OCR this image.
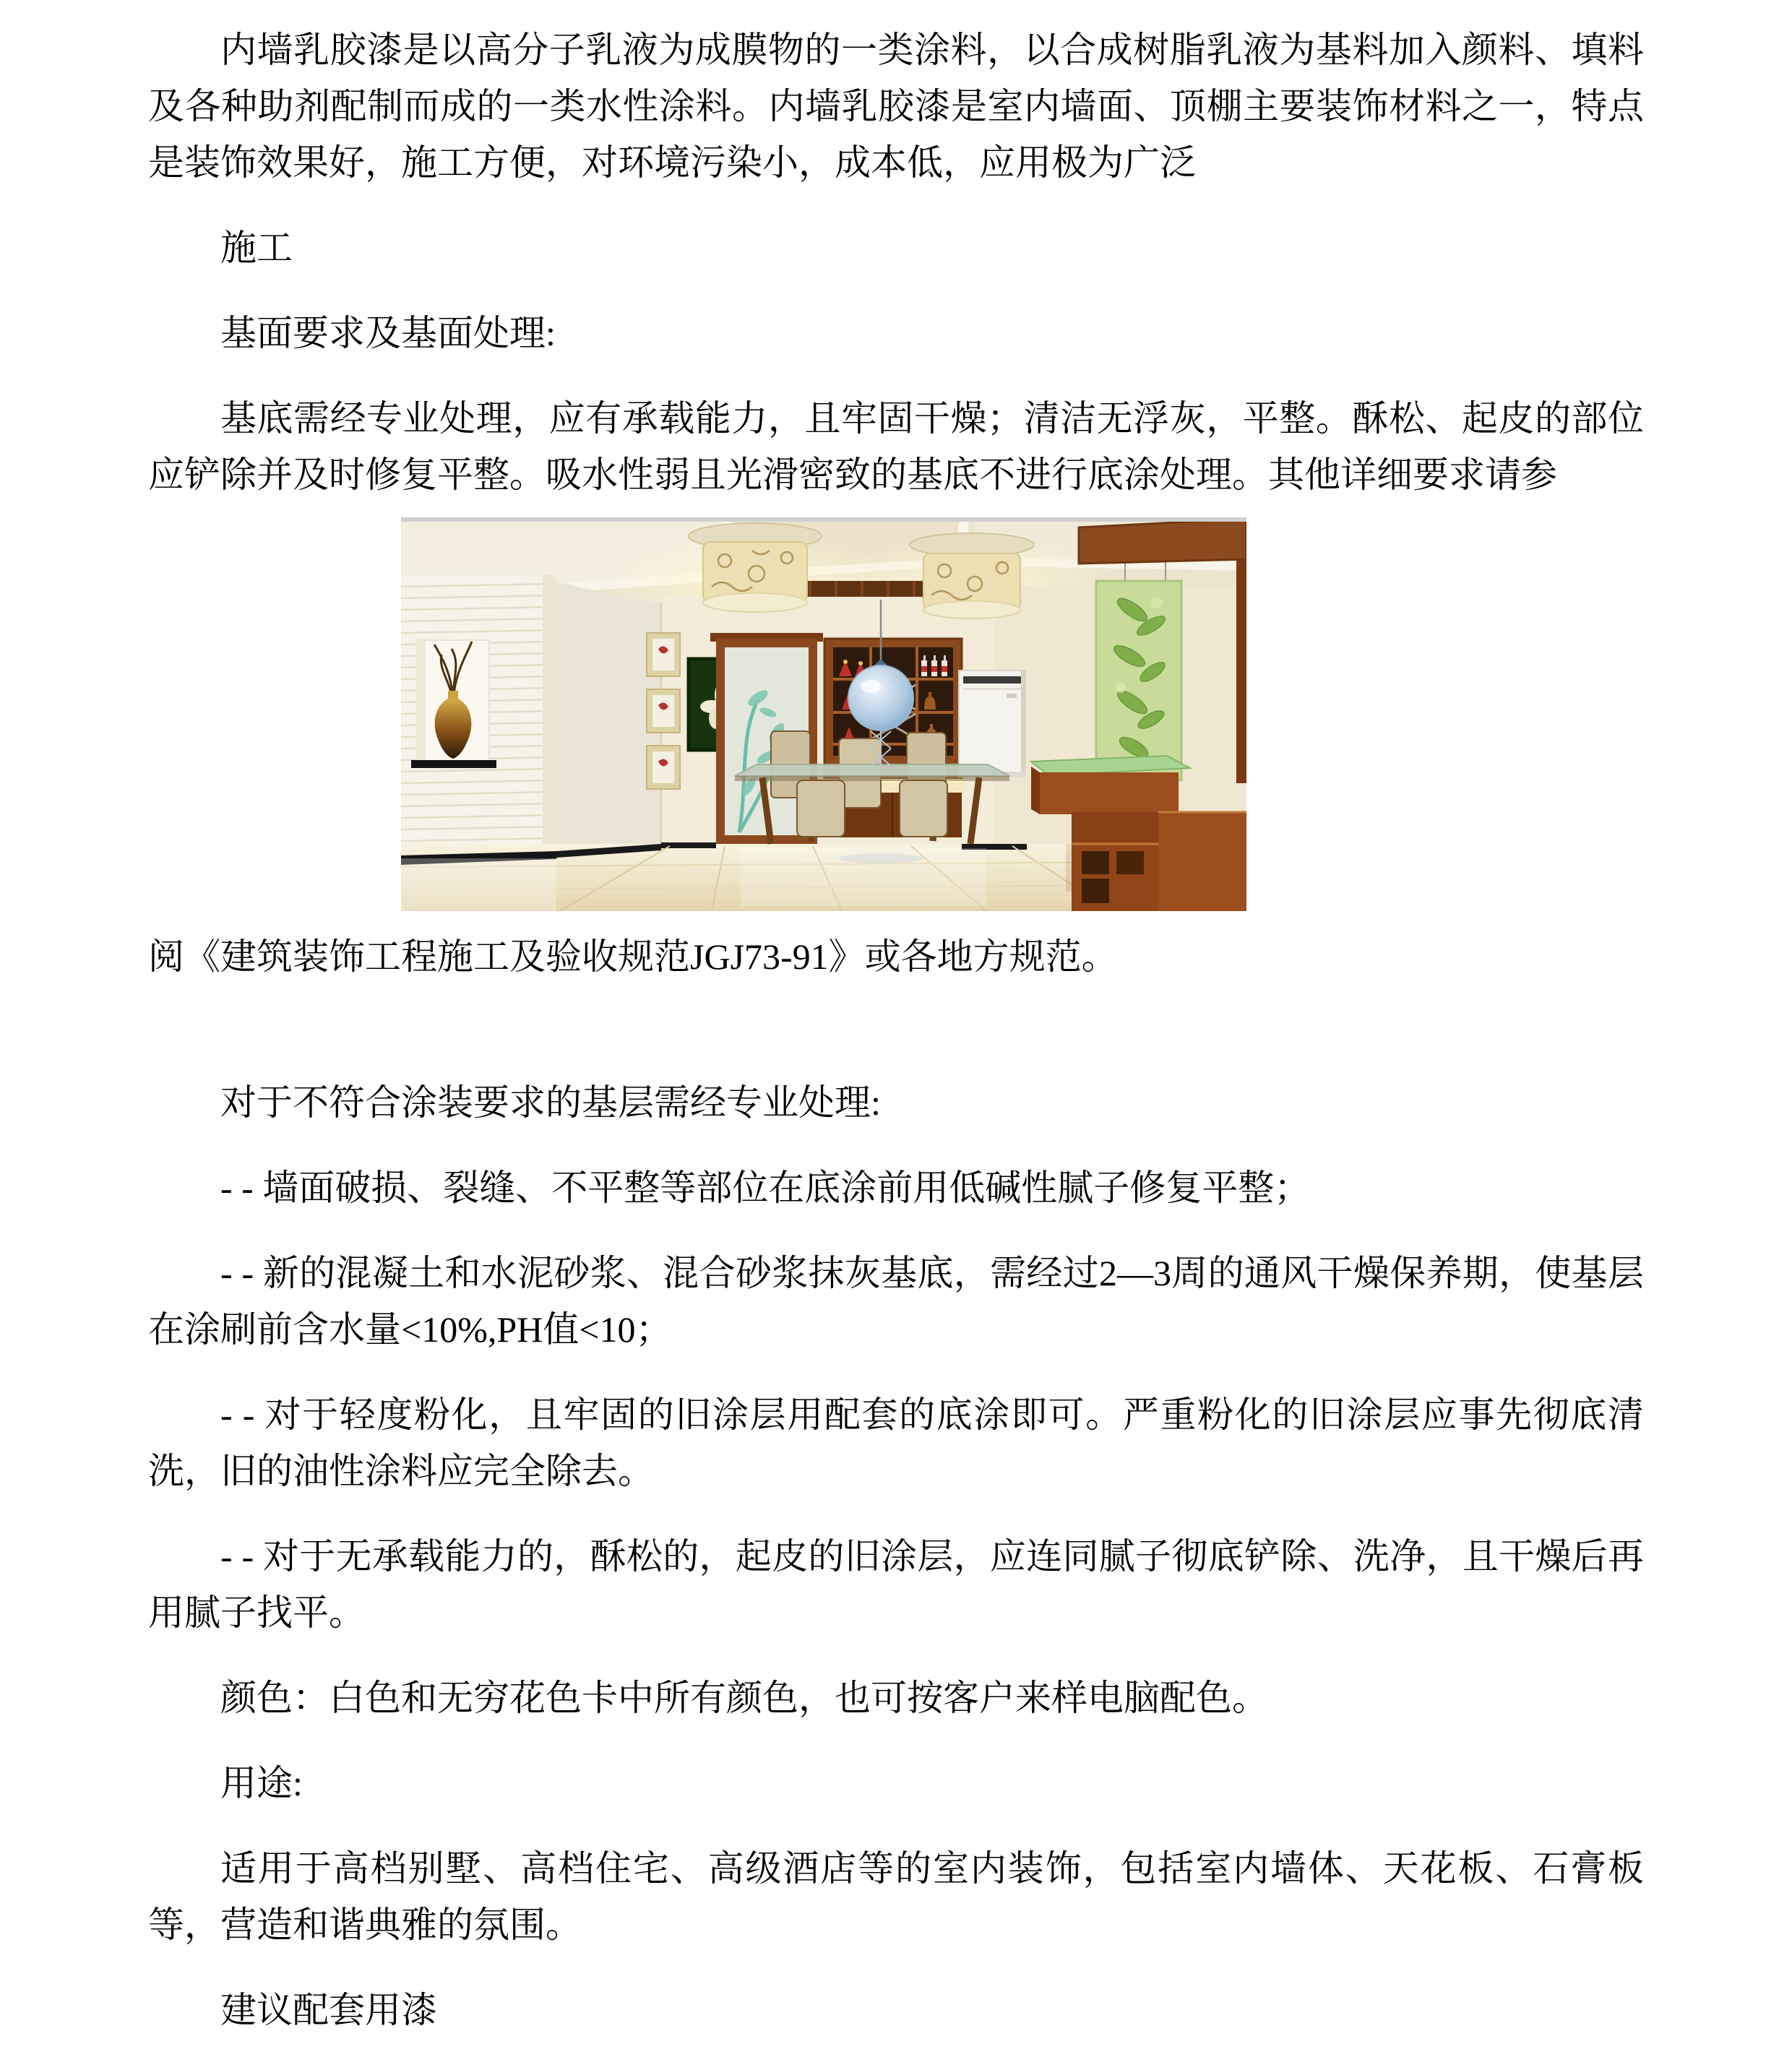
内墙乳胶漆是以高分子乳液为成膜物的一类涂料，以合成树脂乳液为基料加入颜料、填料及各种助剂配制而成的一类水性涂料。内墙乳胶漆是室内墙面、顶棚主要装饰材料之一，特点是装饰效果好，施工方便，对环境污染小，成本低，应用极为广泛

施工

基面要求及基面处理:

基底需经专业处理，应有承载能力，且牢固干燥；清洁无浮灰，平整。酥松、起皮的部位应铲除并及时修复平整。吸水性弱且光滑密致的基底不进行底涂处理。其他详细要求请参

阅《建筑装饰工程施工及验收规范JGJ73-91》或各地方规范。

对于不符合涂装要求的基层需经专业处理:

- - 墙面破损、裂缝、不平整等部位在底涂前用低碱性腻子修复平整；

- - 新的混凝土和水泥砂浆、混合砂浆抹灰基底，需经过2—3周的通风干燥保养期，使基层在涂刷前含水量<10%,PH值<10；

- - 对于轻度粉化，且牢固的旧涂层用配套的底涂即可。严重粉化的旧涂层应事先彻底清洗，旧的油性涂料应完全除去。

- - 对于无承载能力的，酥松的，起皮的旧涂层，应连同腻子彻底铲除、洗净，且干燥后再用腻子找平。

颜色：白色和无穷花色卡中所有颜色，也可按客户来样电脑配色。

用途:

适用于高档别墅、高档住宅、高级酒店等的室内装饰，包括室内墙体、天花板、石膏板等，营造和谐典雅的氛围。

建议配套用漆
